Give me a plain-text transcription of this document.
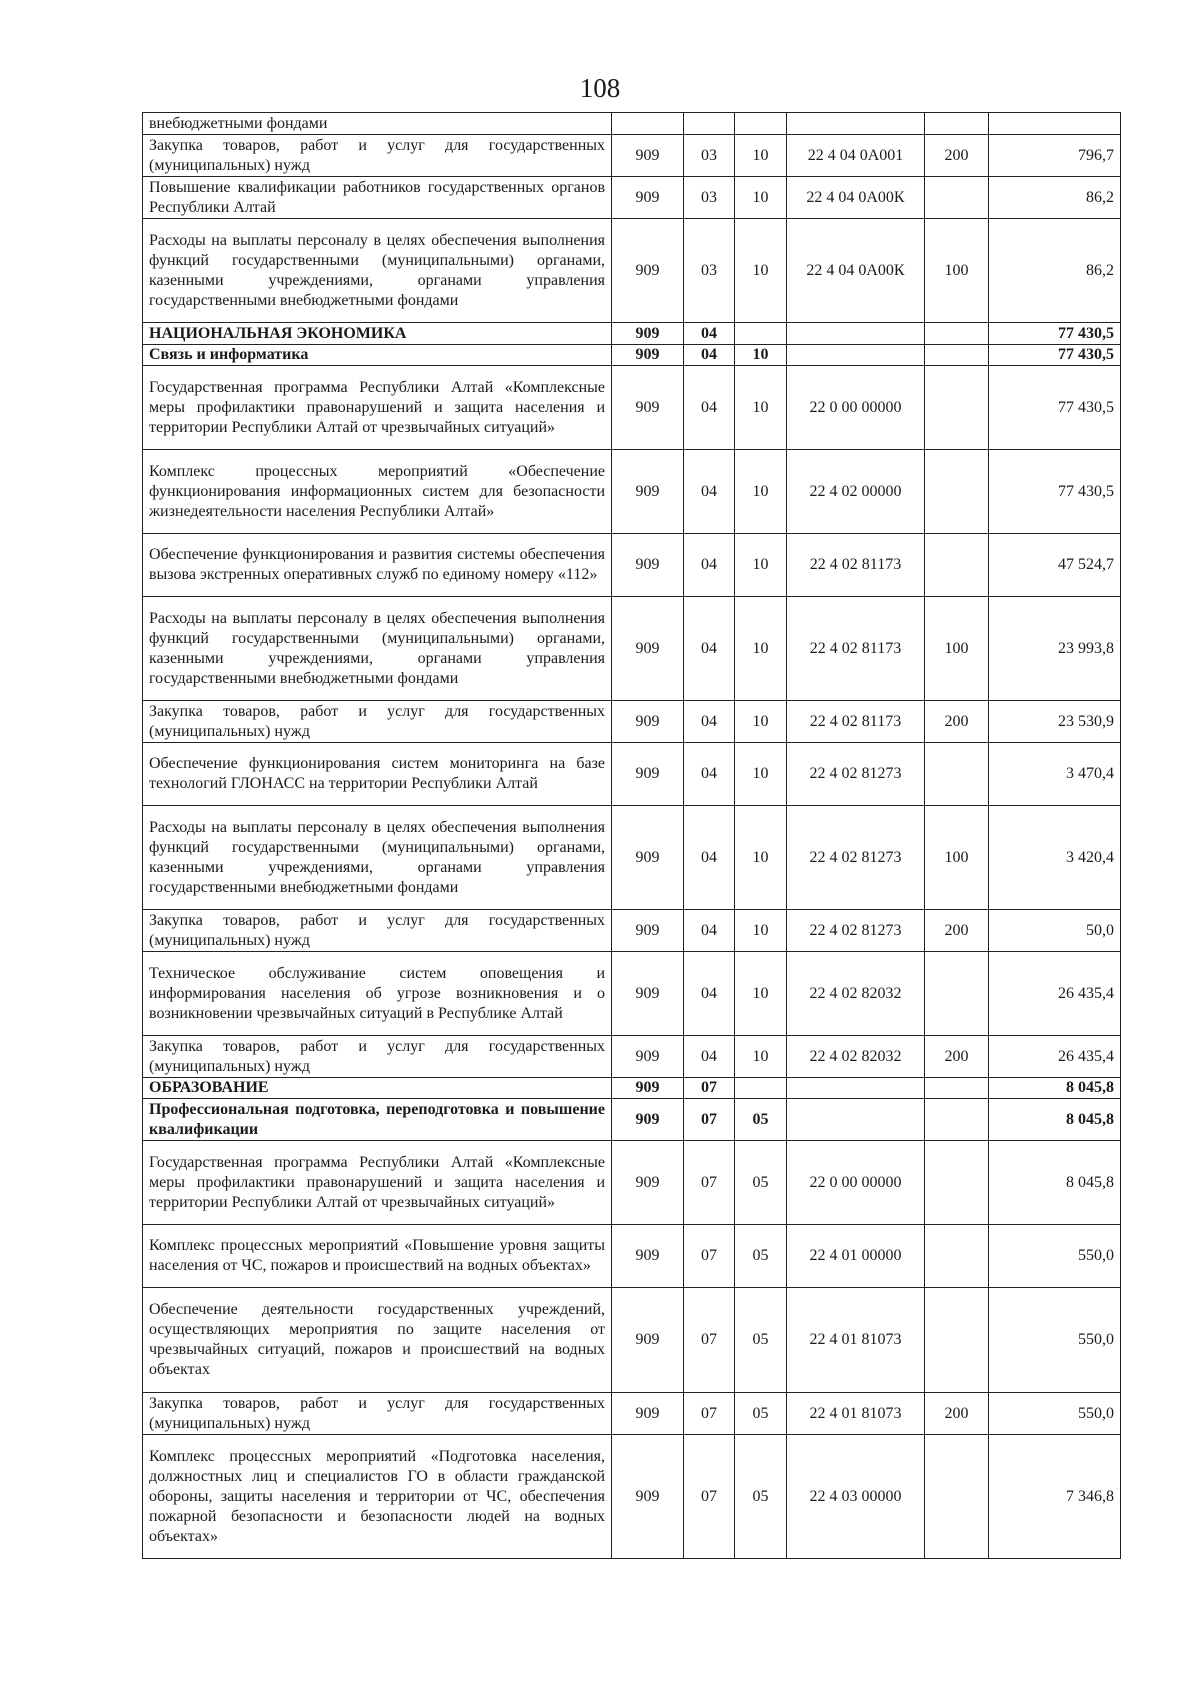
108
внебюджетными фондами						
Закупка товаров, работ и услуг для государственных (муниципальных) нужд	909	03	10	22 4 04 0А001	200	796,7
Повышение квалификации работников государственных органов Республики Алтай	909	03	10	22 4 04 0А00К		86,2
Расходы на выплаты персоналу в целях обеспечения выполнения функций государственными (муниципальными) органами, казенными учреждениями, органами управления государственными внебюджетными фондами	909	03	10	22 4 04 0А00К	100	86,2
НАЦИОНАЛЬНАЯ ЭКОНОМИКА	909	04				77 430,5
Связь и информатика	909	04	10			77 430,5
Государственная программа Республики Алтай «Комплексные меры профилактики правонарушений и защита населения и территории Республики Алтай от чрезвычайных ситуаций»	909	04	10	22 0 00 00000		77 430,5
Комплекс процессных мероприятий «Обеспечение функционирования информационных систем для безопасности жизнедеятельности населения Республики Алтай»	909	04	10	22 4 02 00000		77 430,5
Обеспечение функционирования и развития системы обеспечения вызова экстренных оперативных служб по единому номеру «112»	909	04	10	22 4 02 81173		47 524,7
Расходы на выплаты персоналу в целях обеспечения выполнения функций государственными (муниципальными) органами, казенными учреждениями, органами управления государственными внебюджетными фондами	909	04	10	22 4 02 81173	100	23 993,8
Закупка товаров, работ и услуг для государственных (муниципальных) нужд	909	04	10	22 4 02 81173	200	23 530,9
Обеспечение функционирования систем мониторинга на базе технологий ГЛОНАСС на территории Республики Алтай	909	04	10	22 4 02 81273		3 470,4
Расходы на выплаты персоналу в целях обеспечения выполнения функций государственными (муниципальными) органами, казенными учреждениями, органами управления государственными внебюджетными фондами	909	04	10	22 4 02 81273	100	3 420,4
Закупка товаров, работ и услуг для государственных (муниципальных) нужд	909	04	10	22 4 02 81273	200	50,0
Техническое обслуживание систем оповещения и информирования населения об угрозе возникновения и о возникновении чрезвычайных ситуаций в Республике Алтай	909	04	10	22 4 02 82032		26 435,4
Закупка товаров, работ и услуг для государственных (муниципальных) нужд	909	04	10	22 4 02 82032	200	26 435,4
ОБРАЗОВАНИЕ	909	07				8 045,8
Профессиональная подготовка, переподготовка и повышение квалификации	909	07	05			8 045,8
Государственная программа Республики Алтай «Комплексные меры профилактики правонарушений и защита населения и территории Республики Алтай от чрезвычайных ситуаций»	909	07	05	22 0 00 00000		8 045,8
Комплекс процессных мероприятий «Повышение уровня защиты населения от ЧС, пожаров и происшествий на водных объектах»	909	07	05	22 4 01 00000		550,0
Обеспечение деятельности государственных учреждений, осуществляющих мероприятия по защите населения от чрезвычайных ситуаций, пожаров и происшествий на водных объектах	909	07	05	22 4 01 81073		550,0
Закупка товаров, работ и услуг для государственных (муниципальных) нужд	909	07	05	22 4 01 81073	200	550,0
Комплекс процессных мероприятий «Подготовка населения, должностных лиц и специалистов ГО в области гражданской обороны, защиты населения и территории от ЧС, обеспечения пожарной безопасности и безопасности людей на водных объектах»	909	07	05	22 4 03 00000		7 346,8
